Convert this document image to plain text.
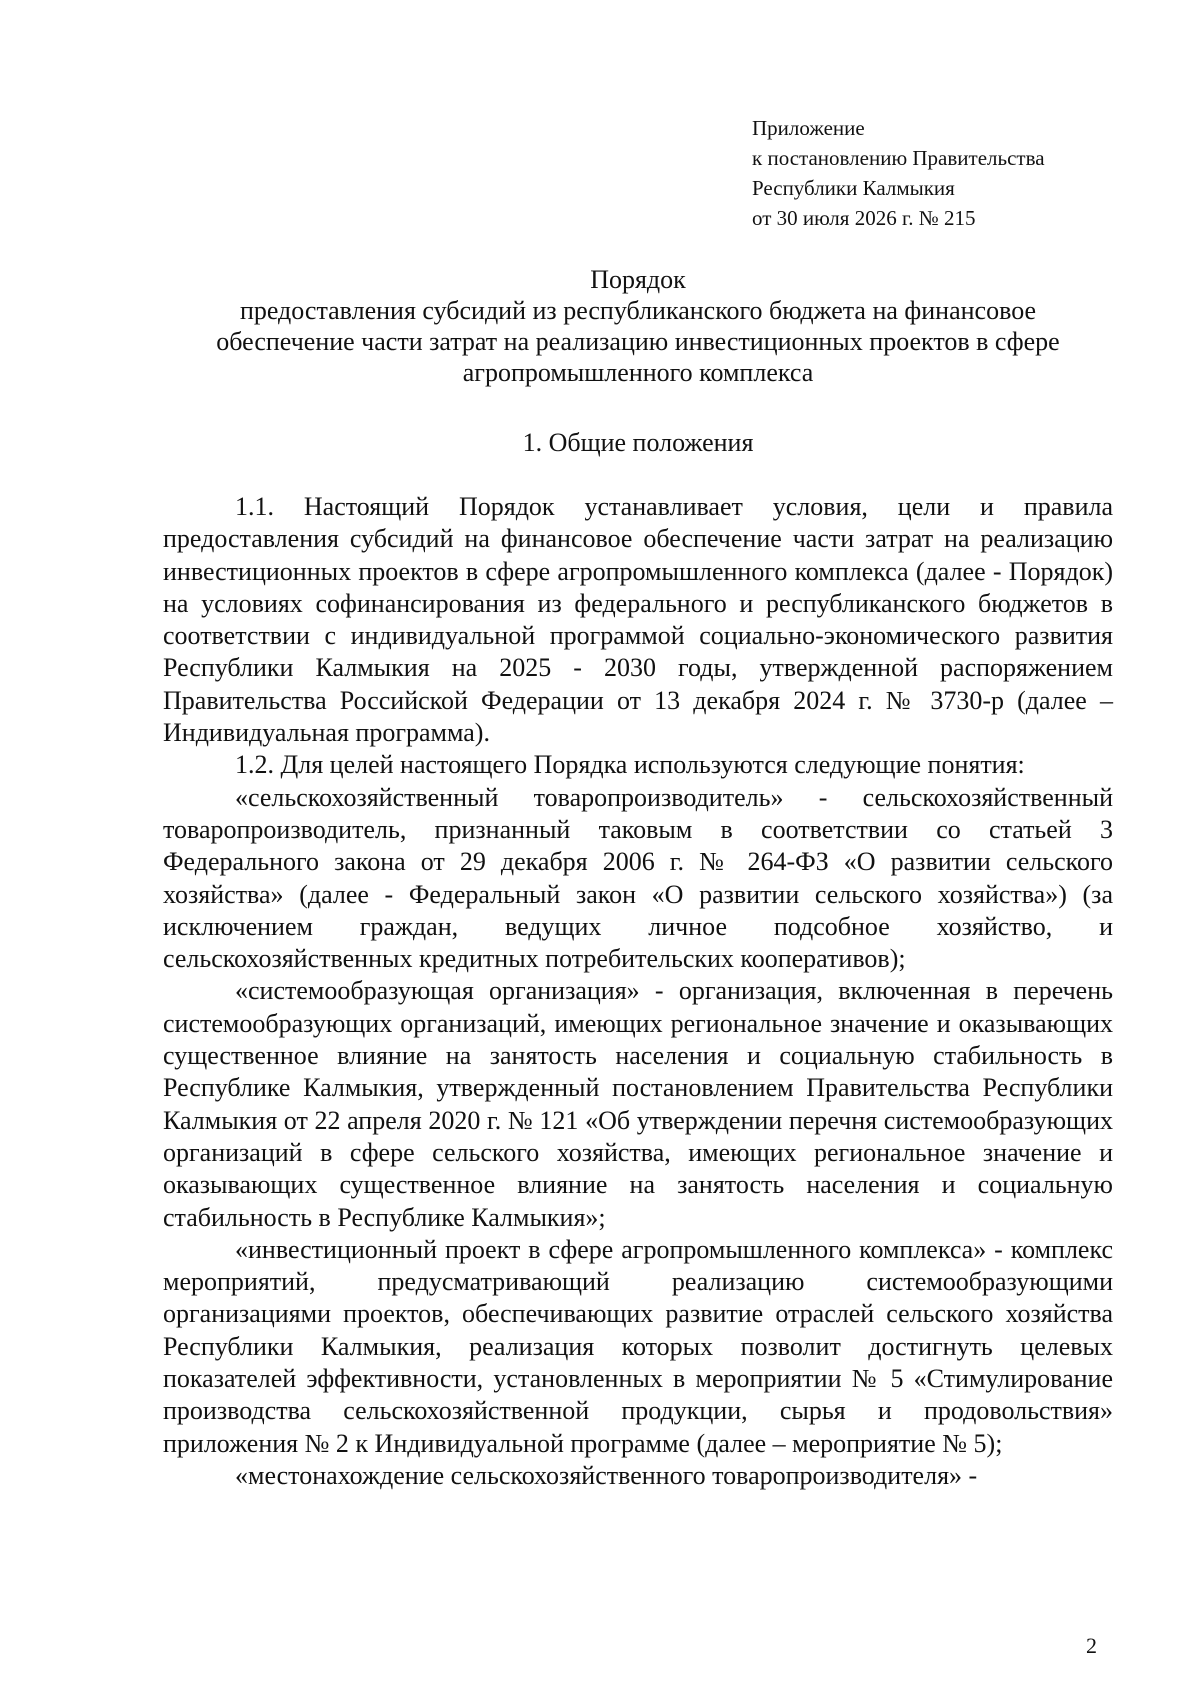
Приложение
к постановлению Правительства
Республики Калмыкия
от 30 июля 2026 г. № 215
Порядок
предоставления субсидий из республиканского бюджета на финансовое
обеспечение части затрат на реализацию инвестиционных проектов в сфере
агропромышленного комплекса
1. Общие положения

1.1. Настоящий Порядок устанавливает условия, цели и правила предоставления субсидий на финансовое обеспечение части затрат на реализацию инвестиционных проектов в сфере агропромышленного комплекса (далее - Порядок) на условиях софинансирования из федерального и республиканского бюджетов в соответствии с индивидуальной программой социально-экономического развития Республики Калмыкия на 2025 - 2030 годы, утвержденной распоряжением Правительства Российской Федерации от 13 декабря 2024 г. № 3730-р (далее – Индивидуальная программа).

1.2. Для целей настоящего Порядка используются следующие понятия:

«сельскохозяйственный товаропроизводитель» - сельскохозяйственный товаропроизводитель, признанный таковым в соответствии со статьей 3 Федерального закона от 29 декабря 2006 г. № 264-ФЗ «О развитии сельского хозяйства» (далее - Федеральный закон «О развитии сельского хозяйства») (за исключением граждан, ведущих личное подсобное хозяйство, и сельскохозяйственных кредитных потребительских кооперативов);

«системообразующая организация» - организация, включенная в перечень системообразующих организаций, имеющих региональное значение и оказывающих существенное влияние на занятость населения и социальную стабильность в Республике Калмыкия, утвержденный постановлением Правительства Республики Калмыкия от 22 апреля 2020 г. № 121 «Об утверждении перечня системообразующих организаций в сфере сельского хозяйства, имеющих региональное значение и оказывающих существенное влияние на занятость населения и социальную стабильность в Республике Калмыкия»;

«инвестиционный проект в сфере агропромышленного комплекса» - комплекс мероприятий, предусматривающий реализацию системообразующими организациями проектов, обеспечивающих развитие отраслей сельского хозяйства Республики Калмыкия, реализация которых позволит достигнуть целевых показателей эффективности, установленных в мероприятии № 5 «Стимулирование производства сельскохозяйственной продукции, сырья и продовольствия» приложения № 2 к Индивидуальной программе (далее – мероприятие № 5);

«местонахождение сельскохозяйственного товаропроизводителя» -

2
